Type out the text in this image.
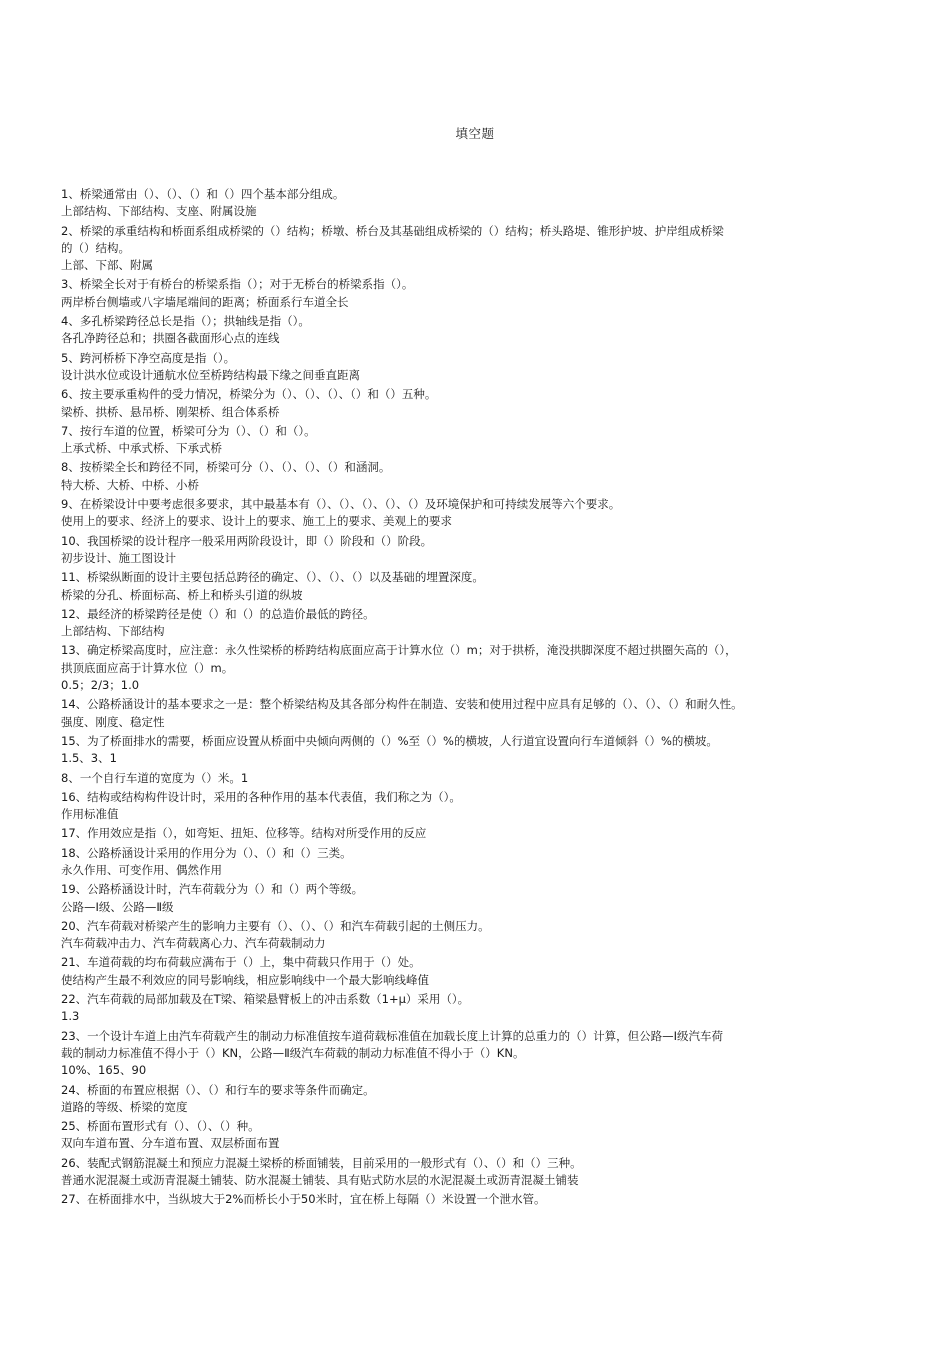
填空题
1、桥梁通常由（）、（）、（）和（）四个基本部分组成。
上部结构、下部结构、支座、附属设施
2、桥梁的承重结构和桥面系组成桥梁的（）结构；桥墩、桥台及其基础组成桥梁的（）结构；桥头路堤、锥形护坡、护岸组成桥梁
的（）结构。
上部、下部、附属
3、桥梁全长对于有桥台的桥梁系指（）；对于无桥台的桥梁系指（）。
两岸桥台侧墙或八字墙尾端间的距离；桥面系行车道全长
4、多孔桥梁跨径总长是指（）；拱轴线是指（）。
各孔净跨径总和；拱圈各截面形心点的连线
5、跨河桥桥下净空高度是指（）。
设计洪水位或设计通航水位至桥跨结构最下缘之间垂直距离
6、按主要承重构件的受力情况，桥梁分为（）、（）、（）、（）和（）五种。
梁桥、拱桥、悬吊桥、刚架桥、组合体系桥
7、按行车道的位置，桥梁可分为（）、（）和（）。
上承式桥、中承式桥、下承式桥
8、按桥梁全长和跨径不同，桥梁可分（）、（）、（）、（）和涵洞。
特大桥、大桥、中桥、小桥
9、在桥梁设计中要考虑很多要求，其中最基本有（）、（）、（）、（）、（）及环境保护和可持续发展等六个要求。
使用上的要求、经济上的要求、设计上的要求、施工上的要求、美观上的要求
10、我国桥梁的设计程序一般采用两阶段设计，即（）阶段和（）阶段。
初步设计、施工图设计
11、桥梁纵断面的设计主要包括总跨径的确定、（）、（）、（）以及基础的埋置深度。
桥梁的分孔、桥面标高、桥上和桥头引道的纵坡
12、最经济的桥梁跨径是使（）和（）的总造价最低的跨径。
上部结构、下部结构
13、确定桥梁高度时，应注意：永久性梁桥的桥跨结构底面应高于计算水位（）m；对于拱桥，淹没拱脚深度不超过拱圈矢高的（），
拱顶底面应高于计算水位（）m。
0.5；2/3；1.0
14、公路桥涵设计的基本要求之一是：整个桥梁结构及其各部分构件在制造、安装和使用过程中应具有足够的（）、（）、（）和耐久性。
强度、刚度、稳定性
15、为了桥面排水的需要，桥面应设置从桥面中央倾向两侧的（）%至（）%的横坡，人行道宜设置向行车道倾斜（）%的横坡。
1.5、3、1
8、一个自行车道的宽度为（）米。1
16、结构或结构构件设计时，采用的各种作用的基本代表值，我们称之为（）。
作用标准值
17、作用效应是指（），如弯矩、扭矩、位移等。结构对所受作用的反应
18、公路桥涵设计采用的作用分为（）、（）和（）三类。
永久作用、可变作用、偶然作用
19、公路桥涵设计时，汽车荷载分为（）和（）两个等级。
公路—Ⅰ级、公路—Ⅱ级
20、汽车荷载对桥梁产生的影响力主要有（）、（）、（）和汽车荷载引起的土侧压力。
汽车荷载冲击力、汽车荷载离心力、汽车荷载制动力
21、车道荷载的均布荷载应满布于（）上，集中荷载只作用于（）处。
使结构产生最不利效应的同号影响线，相应影响线中一个最大影响线峰值
22、汽车荷载的局部加载及在T梁、箱梁悬臂板上的冲击系数（1+μ）采用（）。
1.3
23、一个设计车道上由汽车荷载产生的制动力标准值按车道荷载标准值在加载长度上计算的总重力的（）计算，但公路—Ⅰ级汽车荷
载的制动力标准值不得小于（）KN，公路—Ⅱ级汽车荷载的制动力标准值不得小于（）KN。
10%、165、90
24、桥面的布置应根据（）、（）和行车的要求等条件而确定。
道路的等级、桥梁的宽度
25、桥面布置形式有（）、（）、（）种。
双向车道布置、分车道布置、双层桥面布置
26、装配式钢筋混凝土和预应力混凝土梁桥的桥面铺装，目前采用的一般形式有（）、（）和（）三种。
普通水泥混凝土或沥青混凝土铺装、防水混凝土铺装、具有贴式防水层的水泥混凝土或沥青混凝土铺装
27、在桥面排水中，当纵坡大于2%而桥长小于50米时，宜在桥上每隔（）米设置一个泄水管。
